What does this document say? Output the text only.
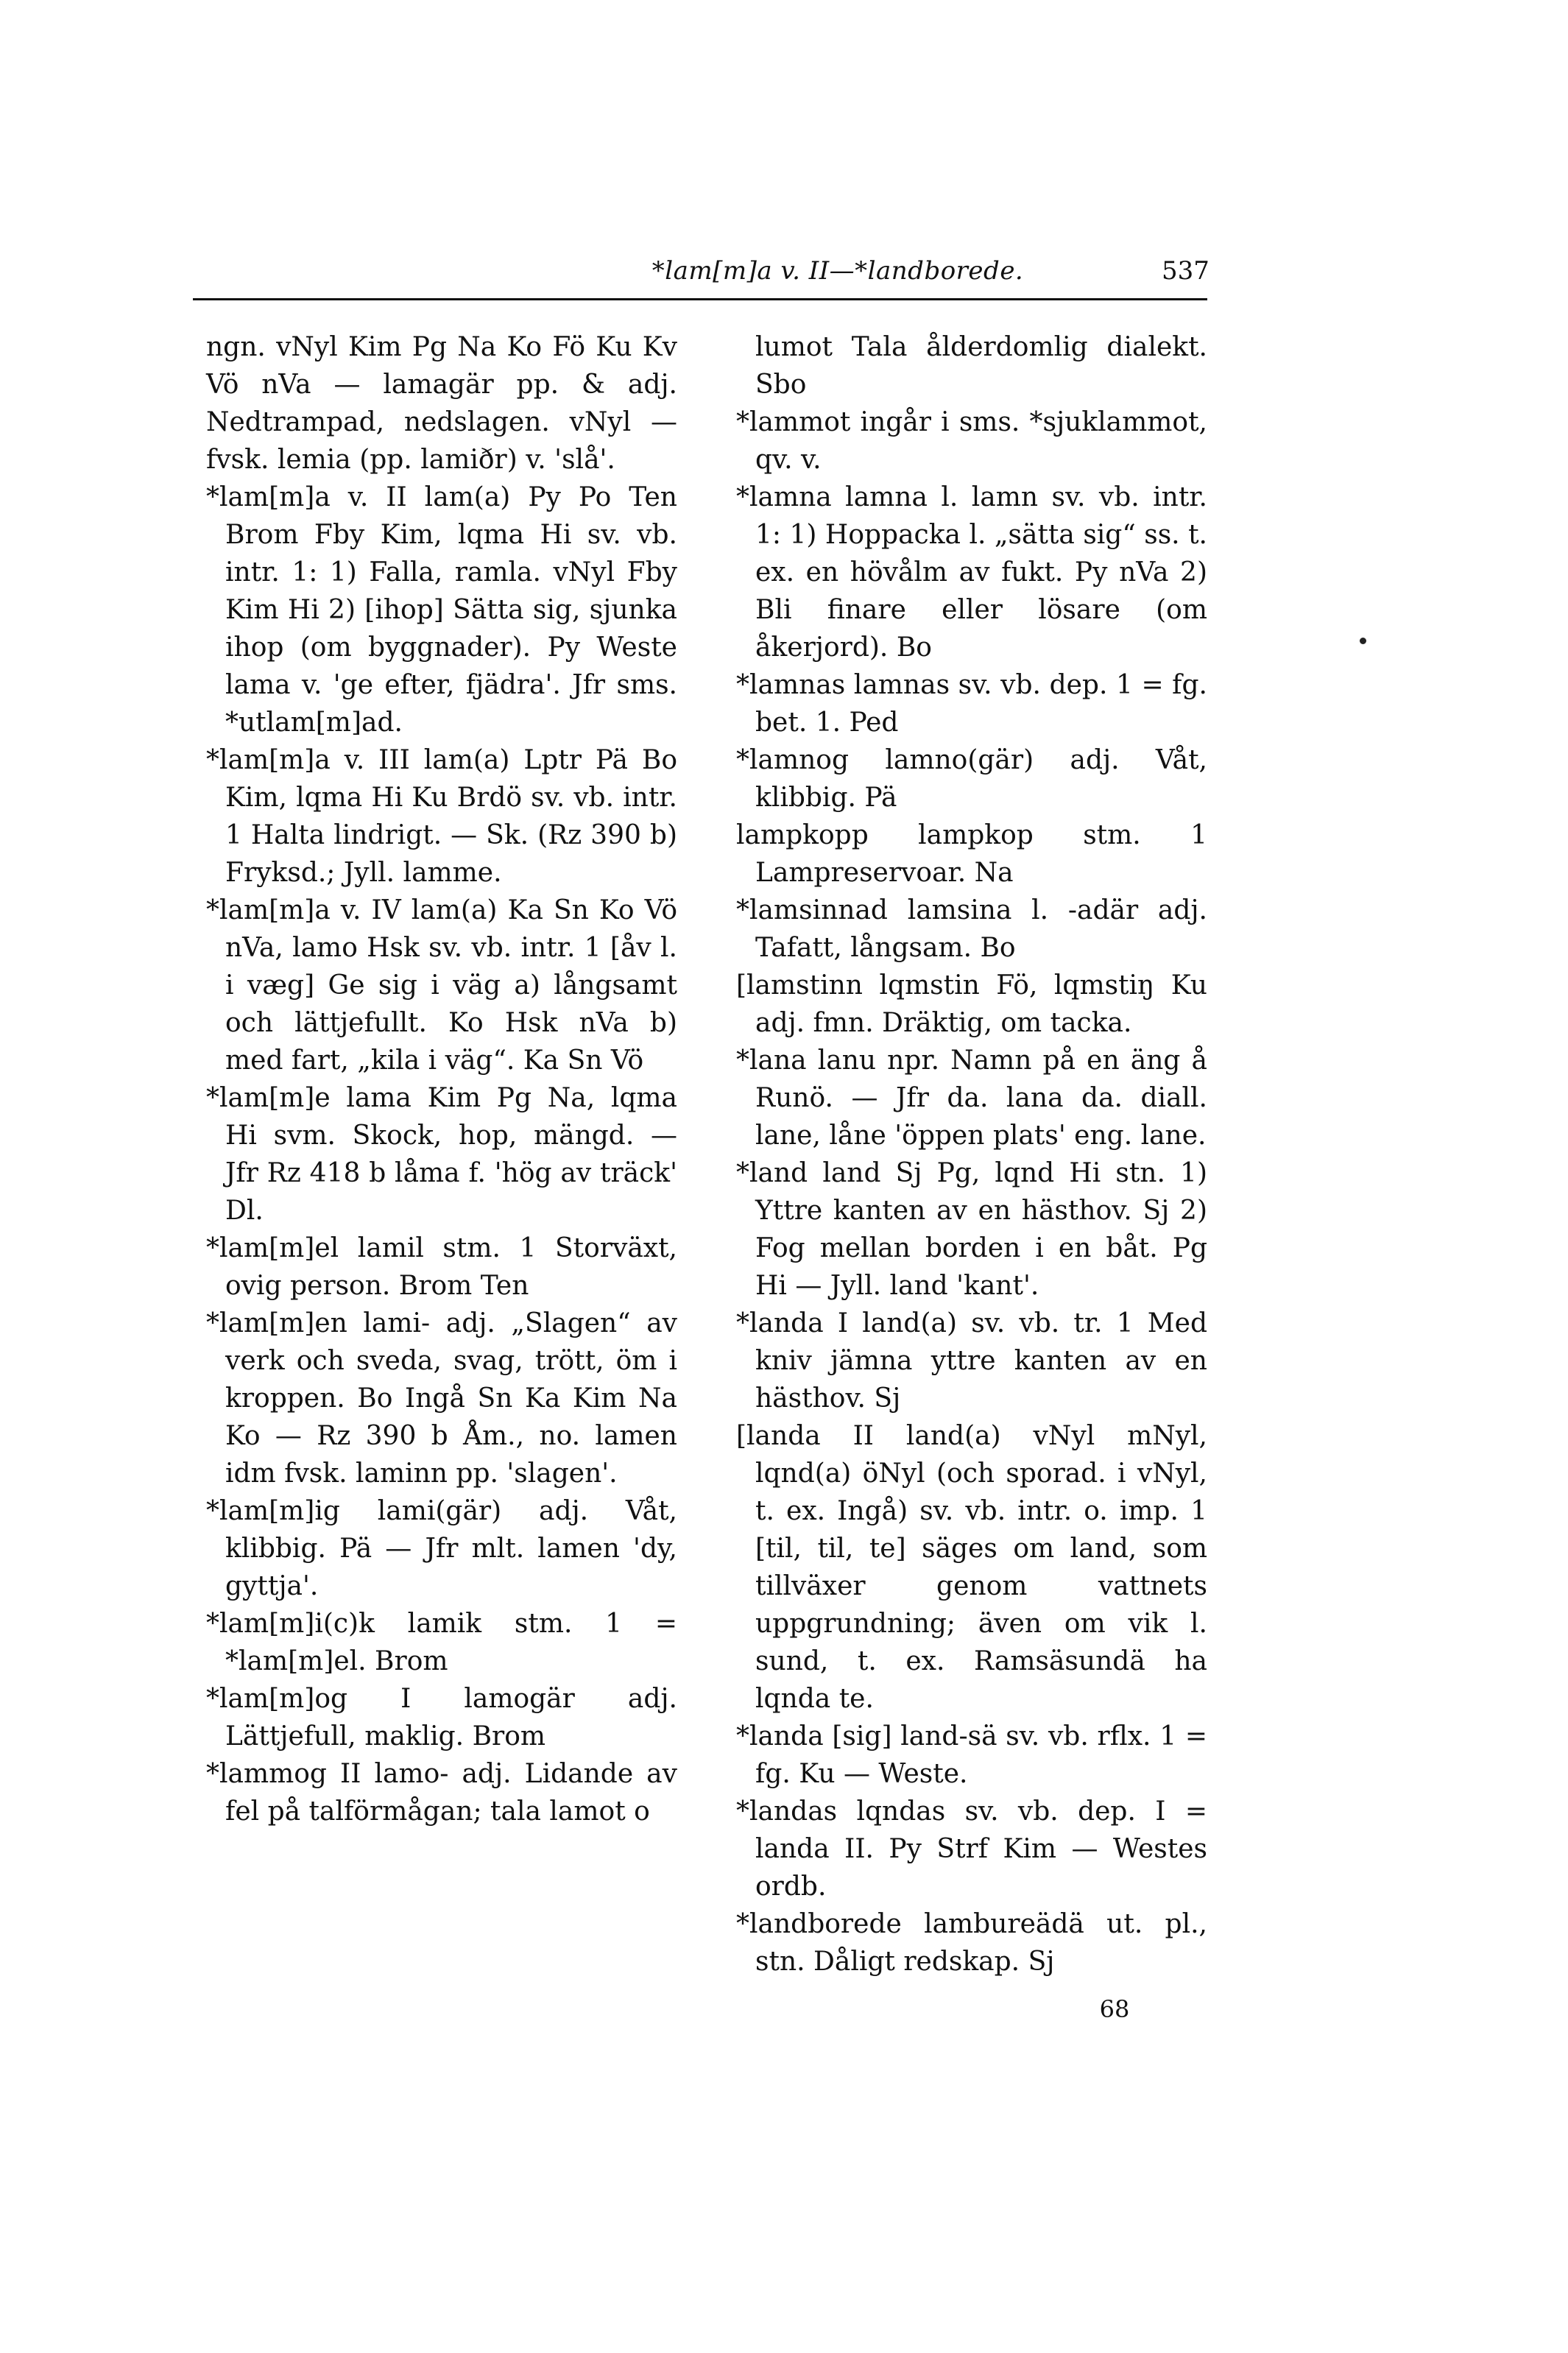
*lam[m]a v. II—*landborede.	537

ngn. vNyl Kim Pg Na Ko Fö Ku Kv Vö nVa — lamagär pp. & adj. Nedtrampad, nedslagen. vNyl — fvsk. lemia (pp. lamiðr) v. 'slå'.

*lam[m]a v. II lam(a) Py Po Ten Brom Fby Kim, lqma Hi sv. vb. intr. 1: 1) Falla, ramla. vNyl Fby Kim Hi 2) [ihop] Sätta sig, sjunka ihop (om byggnader). Py Weste lama v. 'ge efter, fjädra'. Jfr sms. *utlam[m]ad.

*lam[m]a v. III lam(a) Lptr Pä Bo Kim, lqma Hi Ku Brdö sv. vb. intr. 1 Halta lindrigt. — Sk. (Rz 390 b) Fryksd.; Jyll. lamme.

*lam[m]a v. IV lam(a) Ka Sn Ko Vö nVa, lamo Hsk sv. vb. intr. 1 [åv l. i væg] Ge sig i väg a) långsamt och lättjefullt. Ko Hsk nVa b) med fart, „kila i väg“. Ka Sn Vö

*lam[m]e lama Kim Pg Na, lqma Hi svm. Skock, hop, mängd. — Jfr Rz 418 b låma f. 'hög av träck' Dl.

*lam[m]el lamil stm. 1 Storväxt, ovig person. Brom Ten

*lam[m]en lami- adj. „Slagen“ av verk och sveda, svag, trött, öm i kroppen. Bo Ingå Sn Ka Kim Na Ko — Rz 390 b Åm., no. lamen idm fvsk. laminn pp. 'slagen'.

*lam[m]ig lami(gär) adj. Våt, klibbig. Pä — Jfr mlt. lamen 'dy, gyttja'.

*lam[m]i(c)k lamik stm. 1 = *lam[m]el. Brom

*lam[m]og I lamogär adj. Lättjefull, maklig. Brom

*lammog II lamo- adj. Lidande av fel på talförmågan; tala lamot o

lumot Tala ålderdomlig dialekt. Sbo

*lammot ingår i sms. *sjuklammot, qv. v.

*lamna lamna l. lamn sv. vb. intr. 1: 1) Hoppacka l. „sätta sig“ ss. t. ex. en hövålm av fukt. Py nVa 2) Bli finare eller lösare (om åkerjord). Bo

*lamnas lamnas sv. vb. dep. 1 = fg. bet. 1. Ped

*lamnog lamno(gär) adj. Våt, klibbig. Pä

lampkopp lampkop stm. 1 Lampreservoar. Na

*lamsinnad lamsina l. -adär adj. Tafatt, långsam. Bo

[lamstinn lqmstin Fö, lqmstiŋ Ku adj. fmn. Dräktig, om tacka.

*lana lanu npr. Namn på en äng å Runö. — Jfr da. lana da. diall. lane, låne 'öppen plats' eng. lane.

*land land Sj Pg, lqnd Hi stn. 1) Yttre kanten av en hästhov. Sj 2) Fog mellan borden i en båt. Pg Hi — Jyll. land 'kant'.

*landa I land(a) sv. vb. tr. 1 Med kniv jämna yttre kanten av en hästhov. Sj

[landa II land(a) vNyl mNyl, lqnd(a) öNyl (och sporad. i vNyl, t. ex. Ingå) sv. vb. intr. o. imp. 1 [til, til, te] säges om land, som tillväxer genom vattnets uppgrundning; även om vik l. sund, t. ex. Ramsäsundä ha lqnda te.

*landa [sig] land-sä sv. vb. rflx. 1 = fg. Ku — Weste.

*landas lqndas sv. vb. dep. I = landa II. Py Strf Kim — Westes ordb.

*landborede lambureädä ut. pl., stn. Dåligt redskap. Sj

68
